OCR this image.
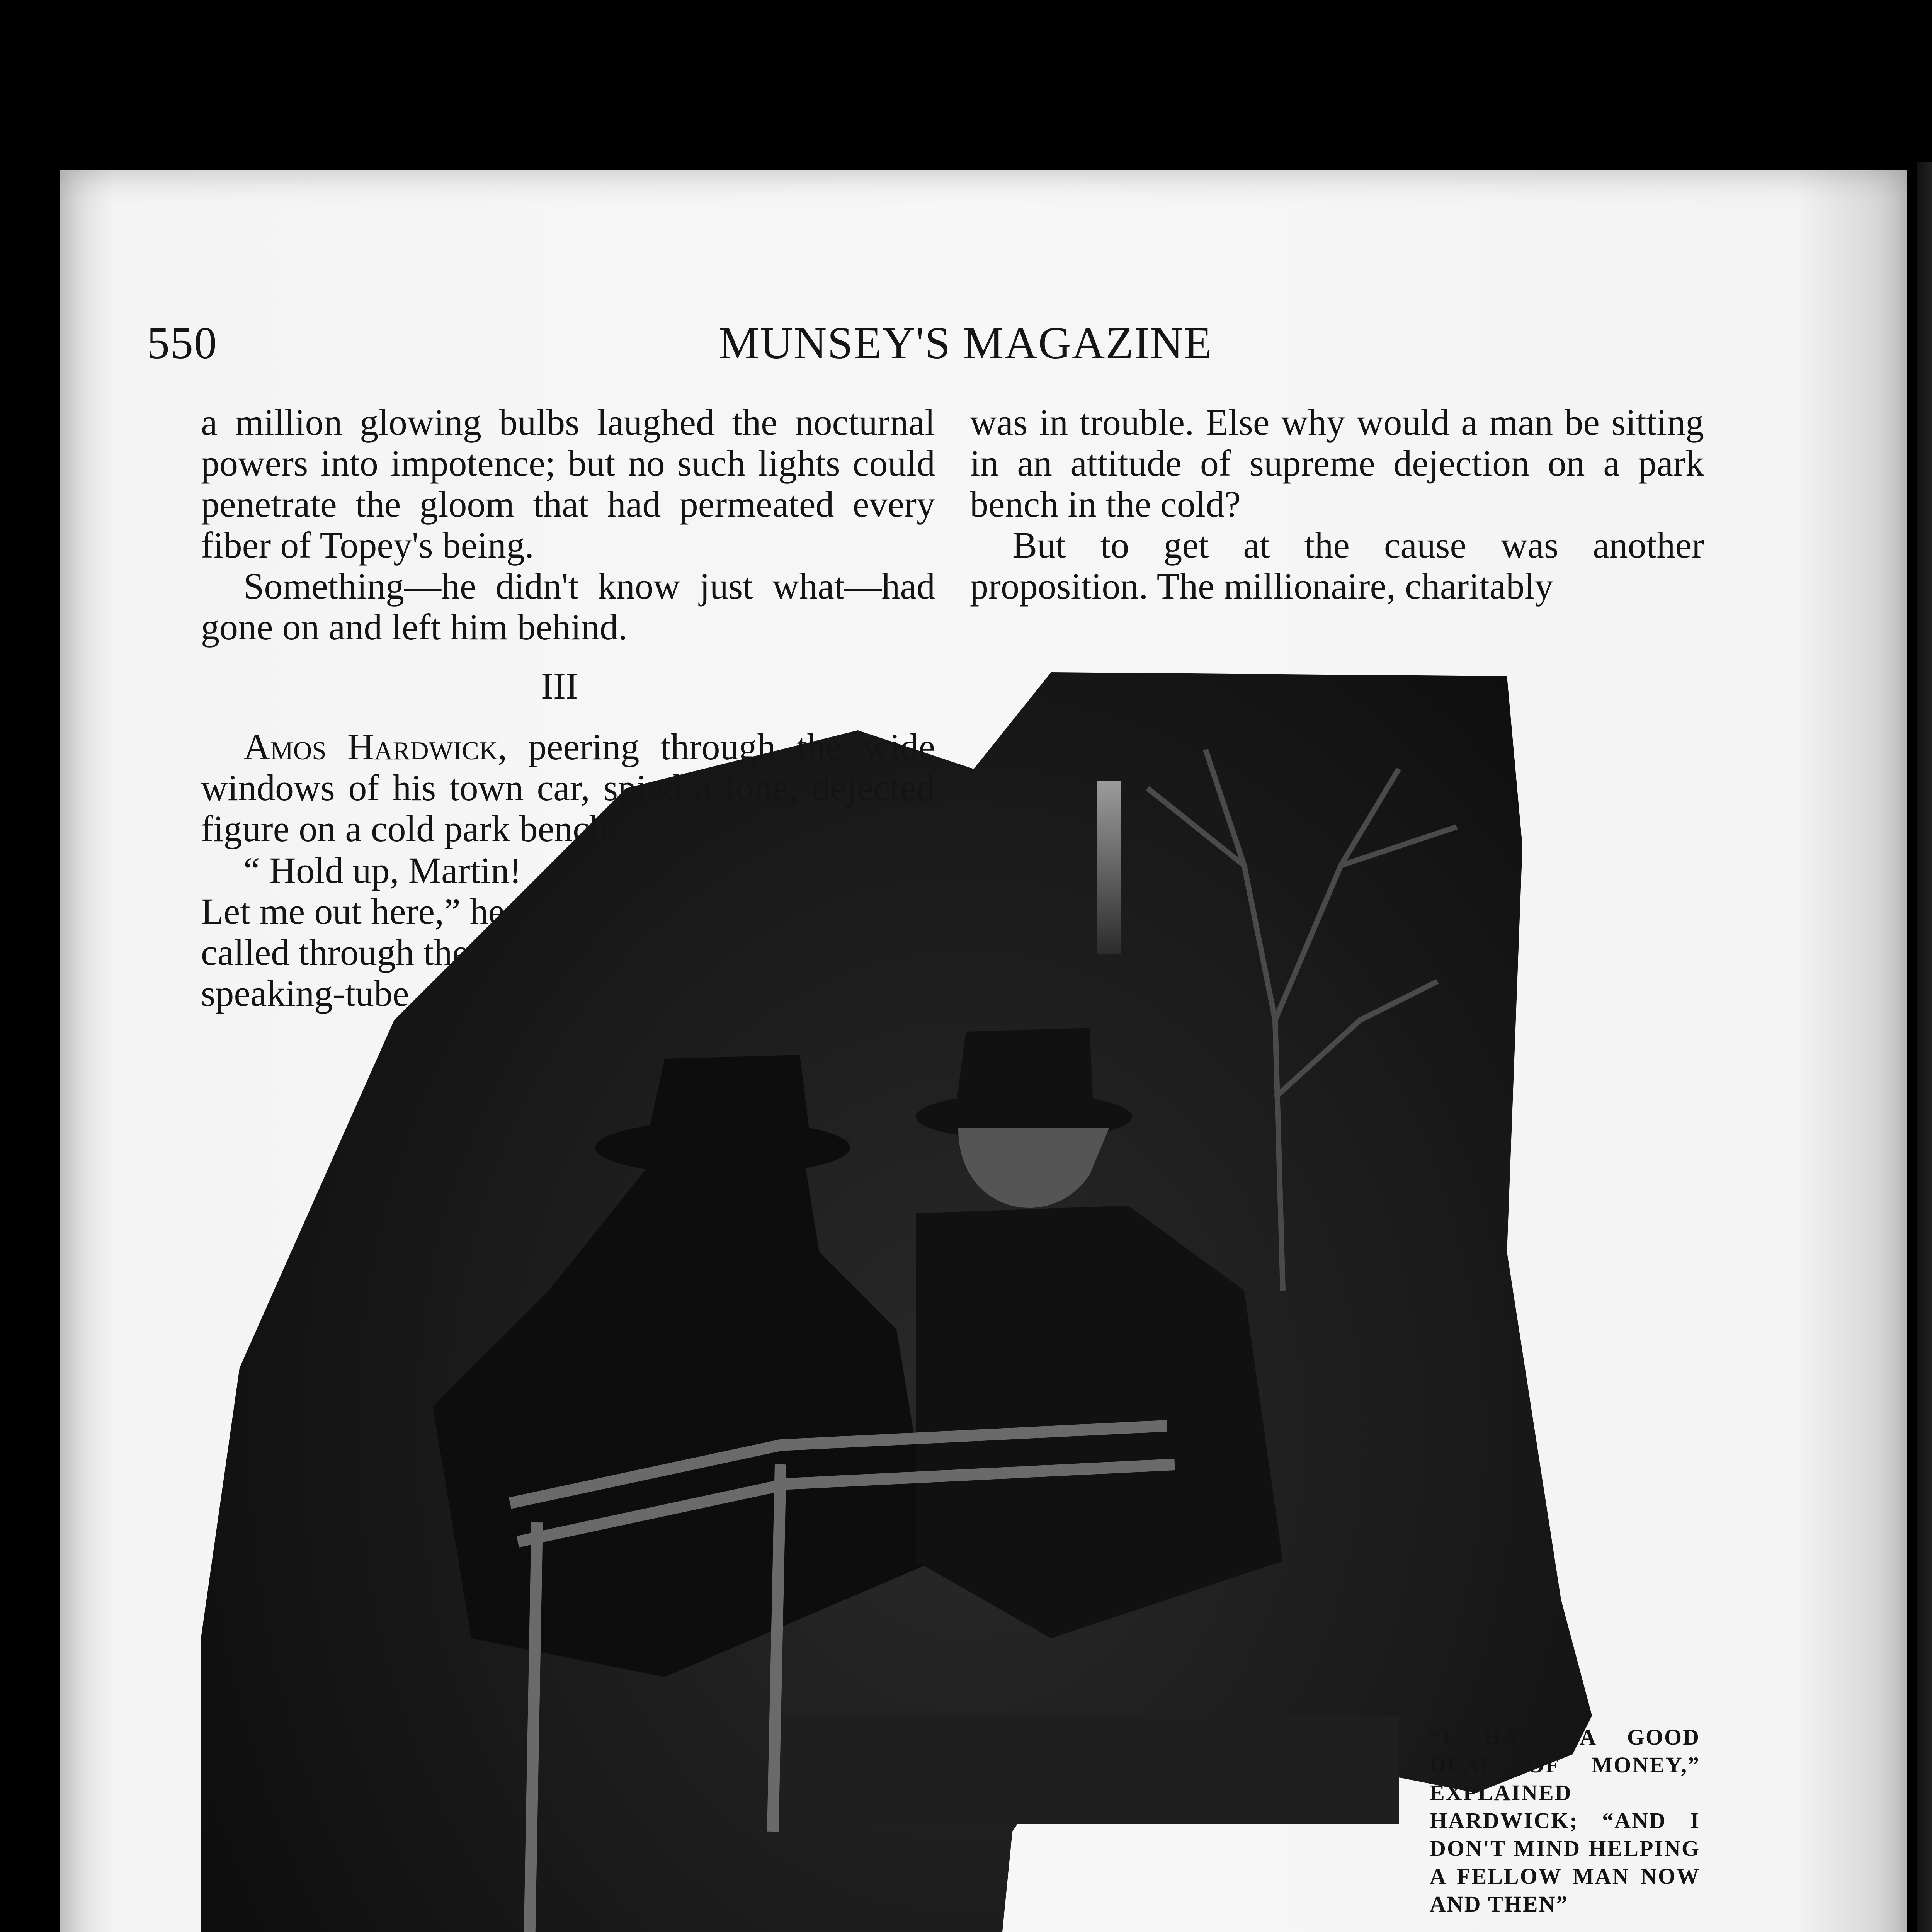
550	MUNSEY'S MAGAZINE

a million glowing bulbs laughed the nocturnal powers into impotence; but no such lights could penetrate the gloom that had permeated every fiber of Topey's being.

Something—he didn't know just what—had gone on and left him behind.

III

Amos Hardwick, peering through the wide windows of his town car, spied a lone, dejected figure on a cold park bench.

“ Hold up, Martin!
Let me out here,” he
called through the
speaking-tube.

was in trouble. Else why would a man be sitting in an attitude of supreme dejection on a park bench in the cold?

But to get at the cause was another proposition. The millionaire, charitably

“I HAVE A GOOD DEAL OF MONEY,” EXPLAINED HARDWICK; “AND I DON'T MIND HELPING A FELLOW MAN NOW AND THEN”
